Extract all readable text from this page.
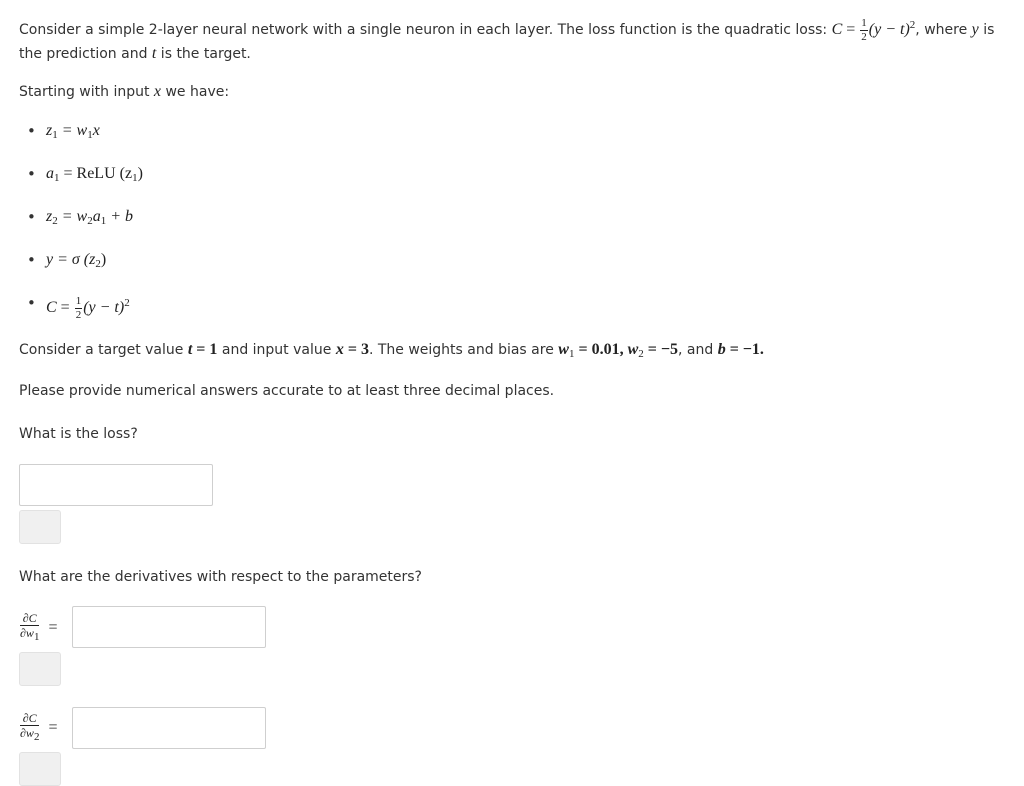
Consider a simple 2-layer neural network with a single neuron in each layer. The loss function is the quadratic loss: $C = \frac{1}{2} (y - t)^2$, where y is the prediction and t is the target.

Starting with input x we have:

• $z_1 = w_1x$
• $a_1$ = ReLU $(z_1)$
• $z_2 = w_2a_1 + b$
• y = σ $(z_2)$
• $C = \frac{1}{2} (y - t)^2$

Consider a target value t = 1 and input value x = 3. The weights and bias are $w_1 = 0.01$, $w_2 = -5$, and b = −1.

Please provide numerical answers accurate to at least three decimal places.

What is the loss?

What are the derivatives with respect to the parameters?

$\frac{\partial C}{\partial w1}$ =
$\frac{\partial C}{\partial w2}$ =
